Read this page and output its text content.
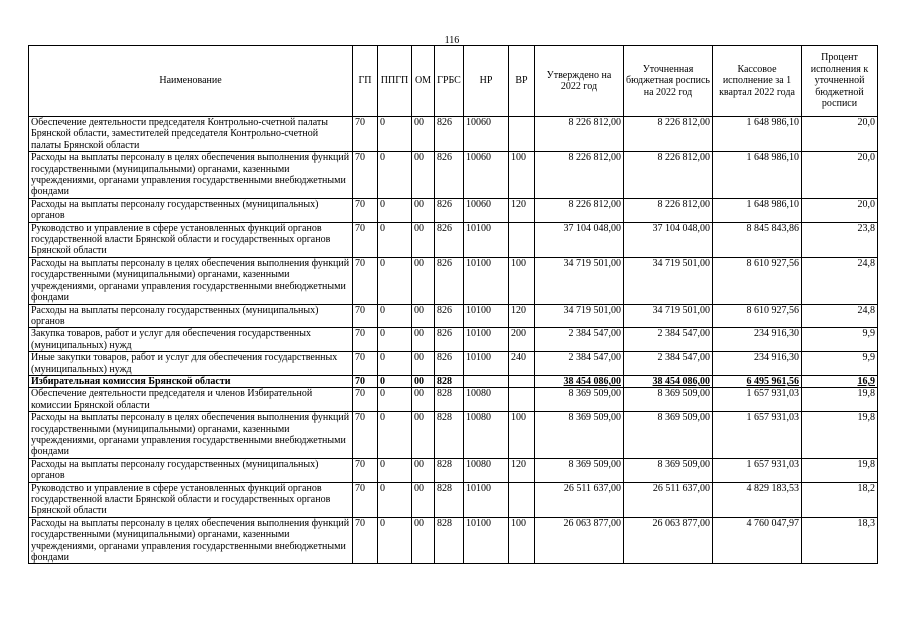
116
Наименование	ГП	ППГП	ОМ	ГРБС	НР	ВР	Утверждено на 2022 год	Уточненная бюджетная роспись на 2022 год	Кассовое исполнение за 1 квартал 2022 года	Процент исполнения к уточненной бюджетной росписи
Обеспечение деятельности председателя Контрольно-счетной палаты Брянской области, заместителей председателя Контрольно-счетной палаты Брянской области	70	0	00	826	10060		8 226 812,00	8 226 812,00	1 648 986,10	20,0
Расходы на выплаты персоналу в целях обеспечения выполнения функций государственными (муниципальными) органами, казенными учреждениями, органами управления государственными внебюджетными фондами	70	0	00	826	10060	100	8 226 812,00	8 226 812,00	1 648 986,10	20,0
Расходы на выплаты персоналу государственных (муниципальных) органов	70	0	00	826	10060	120	8 226 812,00	8 226 812,00	1 648 986,10	20,0
Руководство и управление в сфере установленных функций органов государственной власти Брянской области и государственных органов Брянской области	70	0	00	826	10100		37 104 048,00	37 104 048,00	8 845 843,86	23,8
Расходы на выплаты персоналу в целях обеспечения выполнения функций государственными (муниципальными) органами, казенными учреждениями, органами управления государственными внебюджетными фондами	70	0	00	826	10100	100	34 719 501,00	34 719 501,00	8 610 927,56	24,8
Расходы на выплаты персоналу государственных (муниципальных) органов	70	0	00	826	10100	120	34 719 501,00	34 719 501,00	8 610 927,56	24,8
Закупка товаров, работ и услуг для обеспечения государственных (муниципальных) нужд	70	0	00	826	10100	200	2 384 547,00	2 384 547,00	234 916,30	9,9
Иные закупки товаров, работ и услуг для обеспечения государственных (муниципальных) нужд	70	0	00	826	10100	240	2 384 547,00	2 384 547,00	234 916,30	9,9
Избирательная комиссия Брянской области	70	0	00	828			38 454 086,00	38 454 086,00	6 495 961,56	16,9
Обеспечение деятельности председателя и членов Избирательной комиссии Брянской области	70	0	00	828	10080		8 369 509,00	8 369 509,00	1 657 931,03	19,8
Расходы на выплаты персоналу в целях обеспечения выполнения функций государственными (муниципальными) органами, казенными учреждениями, органами управления государственными внебюджетными фондами	70	0	00	828	10080	100	8 369 509,00	8 369 509,00	1 657 931,03	19,8
Расходы на выплаты персоналу государственных (муниципальных) органов	70	0	00	828	10080	120	8 369 509,00	8 369 509,00	1 657 931,03	19,8
Руководство и управление в сфере установленных функций органов государственной власти Брянской области и государственных органов Брянской области	70	0	00	828	10100		26 511 637,00	26 511 637,00	4 829 183,53	18,2
Расходы на выплаты персоналу в целях обеспечения выполнения функций государственными (муниципальными) органами, казенными учреждениями, органами управления государственными внебюджетными фондами	70	0	00	828	10100	100	26 063 877,00	26 063 877,00	4 760 047,97	18,3
